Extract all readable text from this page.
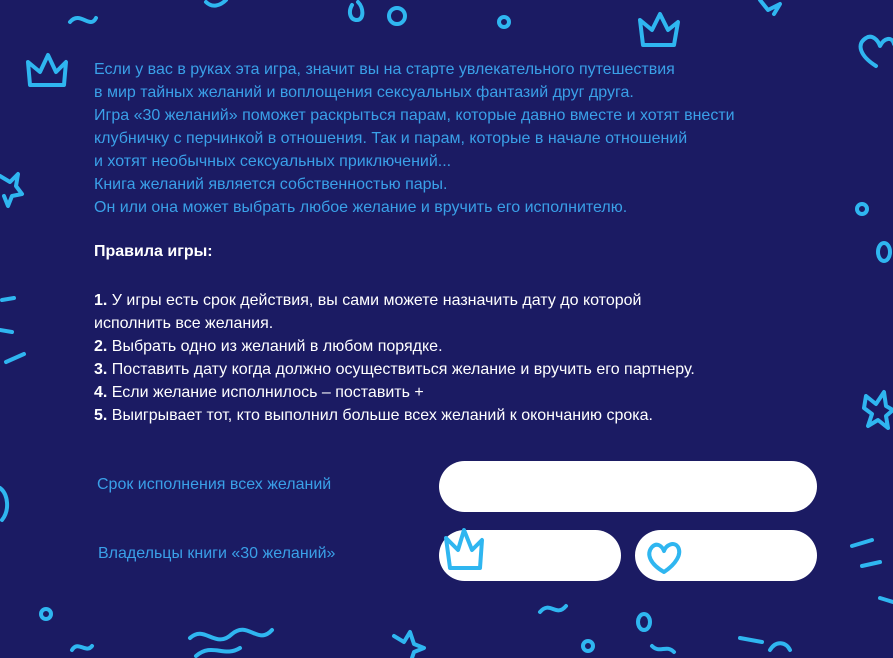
Если у вас в руках эта игра, значит вы на старте увлекательного путешествия
в мир тайных желаний и воплощения сексуальных фантазий друг друга.
Игра «30 желаний» поможет раскрыться парам, которые давно вместе и хотят внести
клубничку с перчинкой в отношения. Так и парам, которые в начале отношений
и хотят необычных сексуальных приключений...
Книга желаний является собственностью пары.
Он или она может выбрать любое желание и вручить его исполнителю.
Правила игры:
1. У игры есть срок действия, вы сами можете назначить дату до которой
исполнить все желания.
2. Выбрать одно из желаний в любом порядке.
3. Поставить дату когда должно осуществиться желание и вручить его партнеру.
4. Если желание исполнилось – поставить +
5. Выигрывает тот, кто выполнил больше всех желаний к окончанию срока.
Срок исполнения всех желаний
Владельцы книги «30 желаний»
